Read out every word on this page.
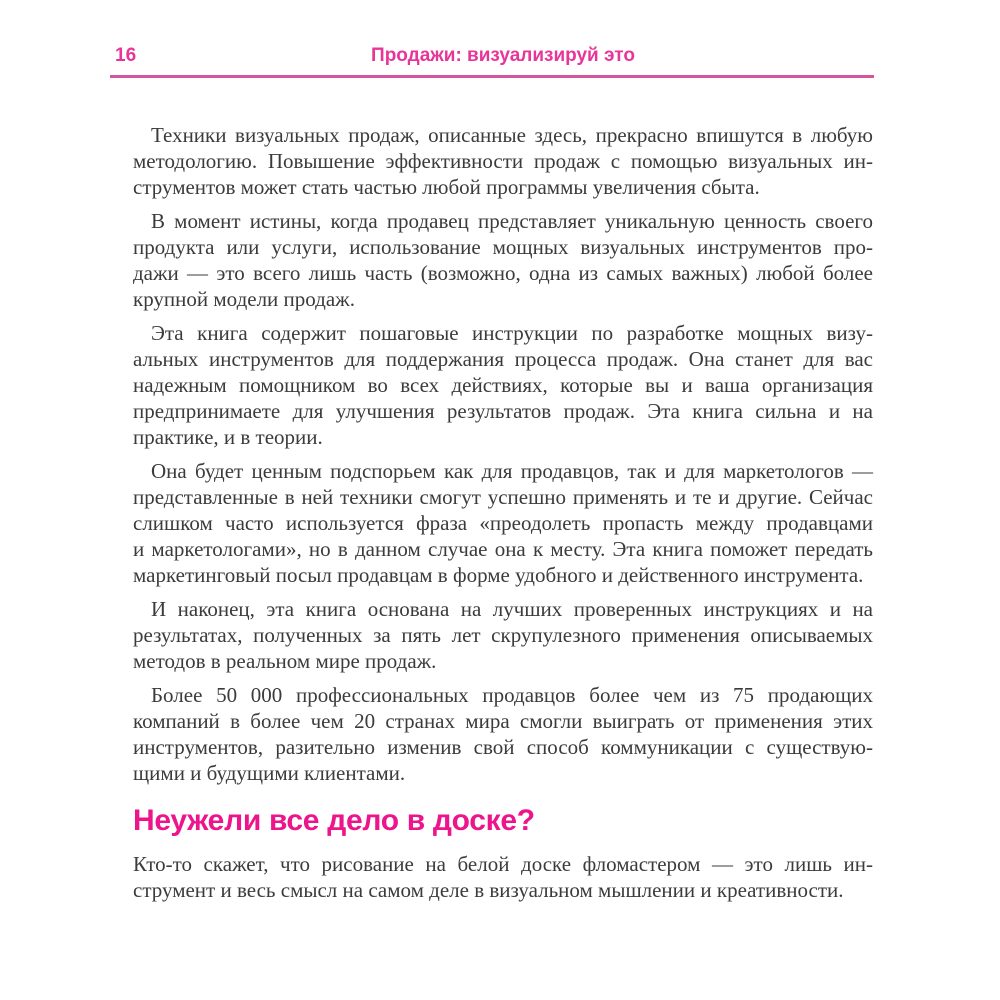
16	Продажи: визуализируй это
Техники визуальных продаж, описанные здесь, прекрасно впишутся в любую
методологию. Повышение эффективности продаж с помощью визуальных ин-
струментов может стать частью любой программы увеличения сбыта.
В момент истины, когда продавец представляет уникальную ценность своего
продукта или услуги, использование мощных визуальных инструментов про-
дажи — это всего лишь часть (возможно, одна из самых важных) любой более
крупной модели продаж.
Эта книга содержит пошаговые инструкции по разработке мощных визу-
альных инструментов для поддержания процесса продаж. Она станет для вас
надежным помощником во всех действиях, которые вы и ваша организация
предпринимаете для улучшения результатов продаж. Эта книга сильна и на
практике, и в теории.
Она будет ценным подспорьем как для продавцов, так и для маркетологов —
представленные в ней техники смогут успешно применять и те и другие. Сейчас
слишком часто используется фраза «преодолеть пропасть между продавцами
и маркетологами», но в данном случае она к месту. Эта книга поможет передать
маркетинговый посыл продавцам в форме удобного и действенного инструмента.
И наконец, эта книга основана на лучших проверенных инструкциях и на
результатах, полученных за пять лет скрупулезного применения описываемых
методов в реальном мире продаж.
Более 50 000 профессиональных продавцов более чем из 75 продающих
компаний в более чем 20 странах мира смогли выиграть от применения этих
инструментов, разительно изменив свой способ коммуникации с существую-
щими и будущими клиентами.
Неужели все дело в доске?
Кто-то скажет, что рисование на белой доске фломастером — это лишь ин-
струмент и весь смысл на самом деле в визуальном мышлении и креативности.
